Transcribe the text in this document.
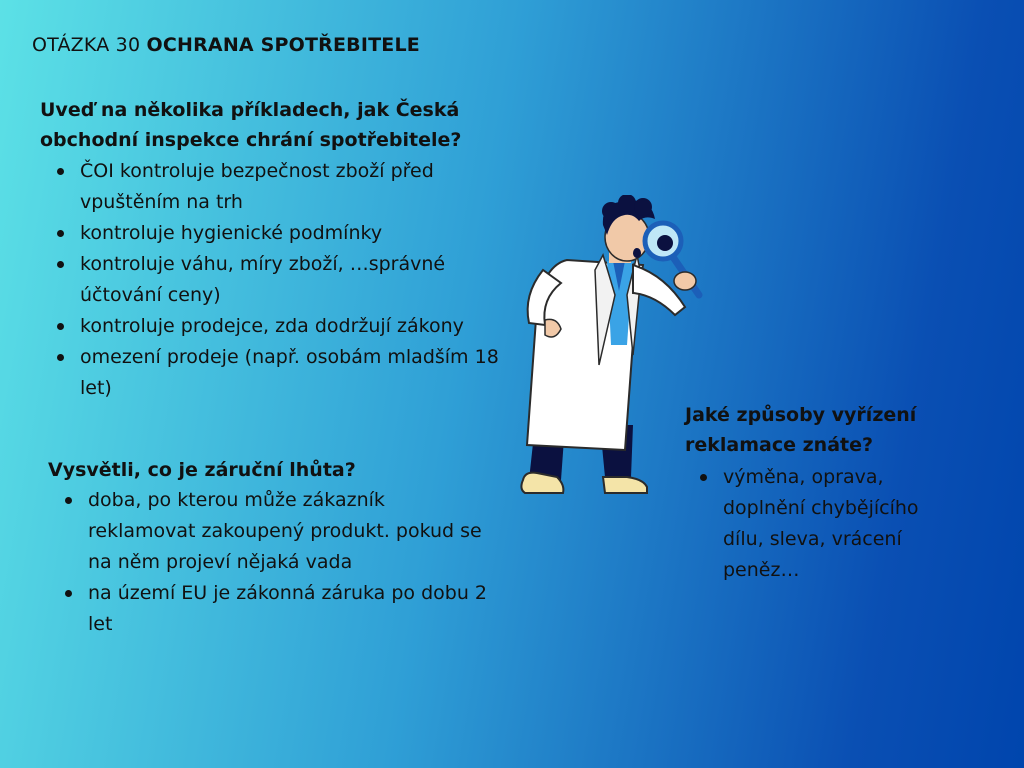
OTÁZKA 30 OCHRANA SPOTŘEBITELE
Uveď na několika příkladech, jak Česká obchodní inspekce chrání spotřebitele?
ČOI kontroluje bezpečnost zboží před vpuštěním na trh
kontroluje hygienické podmínky
kontroluje váhu, míry zboží, …správné účtování ceny)
kontroluje prodejce, zda dodržují zákony
omezení prodeje (např. osobám mladším 18 let)
Vysvětli, co je záruční lhůta?
doba, po kterou může zákazník reklamovat zakoupený produkt. pokud se na něm projeví nějaká vada
na území EU je zákonná záruka po dobu 2 let
Jaké způsoby vyřízení reklamace znáte?
výměna, oprava, doplnění chybějícího dílu, sleva, vrácení peněz…
